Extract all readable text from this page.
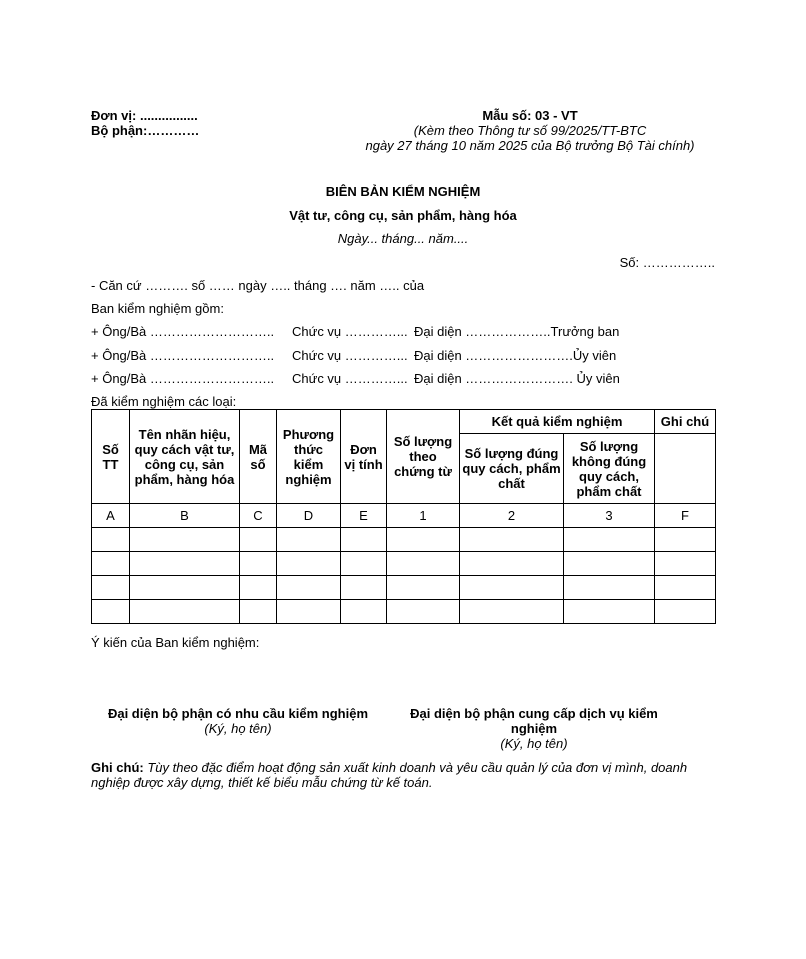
Đơn vị: ................
Bộ phận:…………
Mẫu số: 03 - VT
(Kèm theo Thông tư số 99/2025/TT-BTC
ngày 27 tháng 10 năm 2025 của Bộ trưởng Bộ Tài chính)
BIÊN BẢN KIỂM NGHIỆM
Vật tư, công cụ, sản phẩm, hàng hóa
Ngày... tháng... năm....
Số: ……………..
- Căn cứ ………. số …… ngày ….. tháng …. năm ….. của
Ban kiểm nghiệm gồm:
+ Ông/Bà ……………………….. Chức vụ …………... Đại diện ………………..Trưởng ban
+ Ông/Bà ……………………….. Chức vụ …………... Đại diện …………………….Ủy viên
+ Ông/Bà ……………………….. Chức vụ …………... Đại diện ……………………. Ủy viên
Đã kiểm nghiệm các loại:
Số TT	Tên nhãn hiệu, quy cách vật tư, công cụ, sản phẩm, hàng hóa	Mã số	Phương thức kiểm nghiệm	Đơn vị tính	Số lượng theo chứng từ	Kết quả kiểm nghiệm		Ghi chú
						Số lượng đúng quy cách, phẩm chất	Số lượng không đúng quy cách, phẩm chất	
A	B	C	D	E	1	2	3	F

Ý kiến của Ban kiểm nghiệm:
Đại diện bộ phận có nhu cầu kiểm nghiệm
(Ký, họ tên)
Đại diện bộ phận cung cấp dịch vụ kiểm nghiệm
(Ký, họ tên)
Ghi chú: Tùy theo đặc điểm hoạt động sản xuất kinh doanh và yêu cầu quản lý của đơn vị mình, doanh nghiệp được xây dựng, thiết kế biểu mẫu chứng từ kế toán.
